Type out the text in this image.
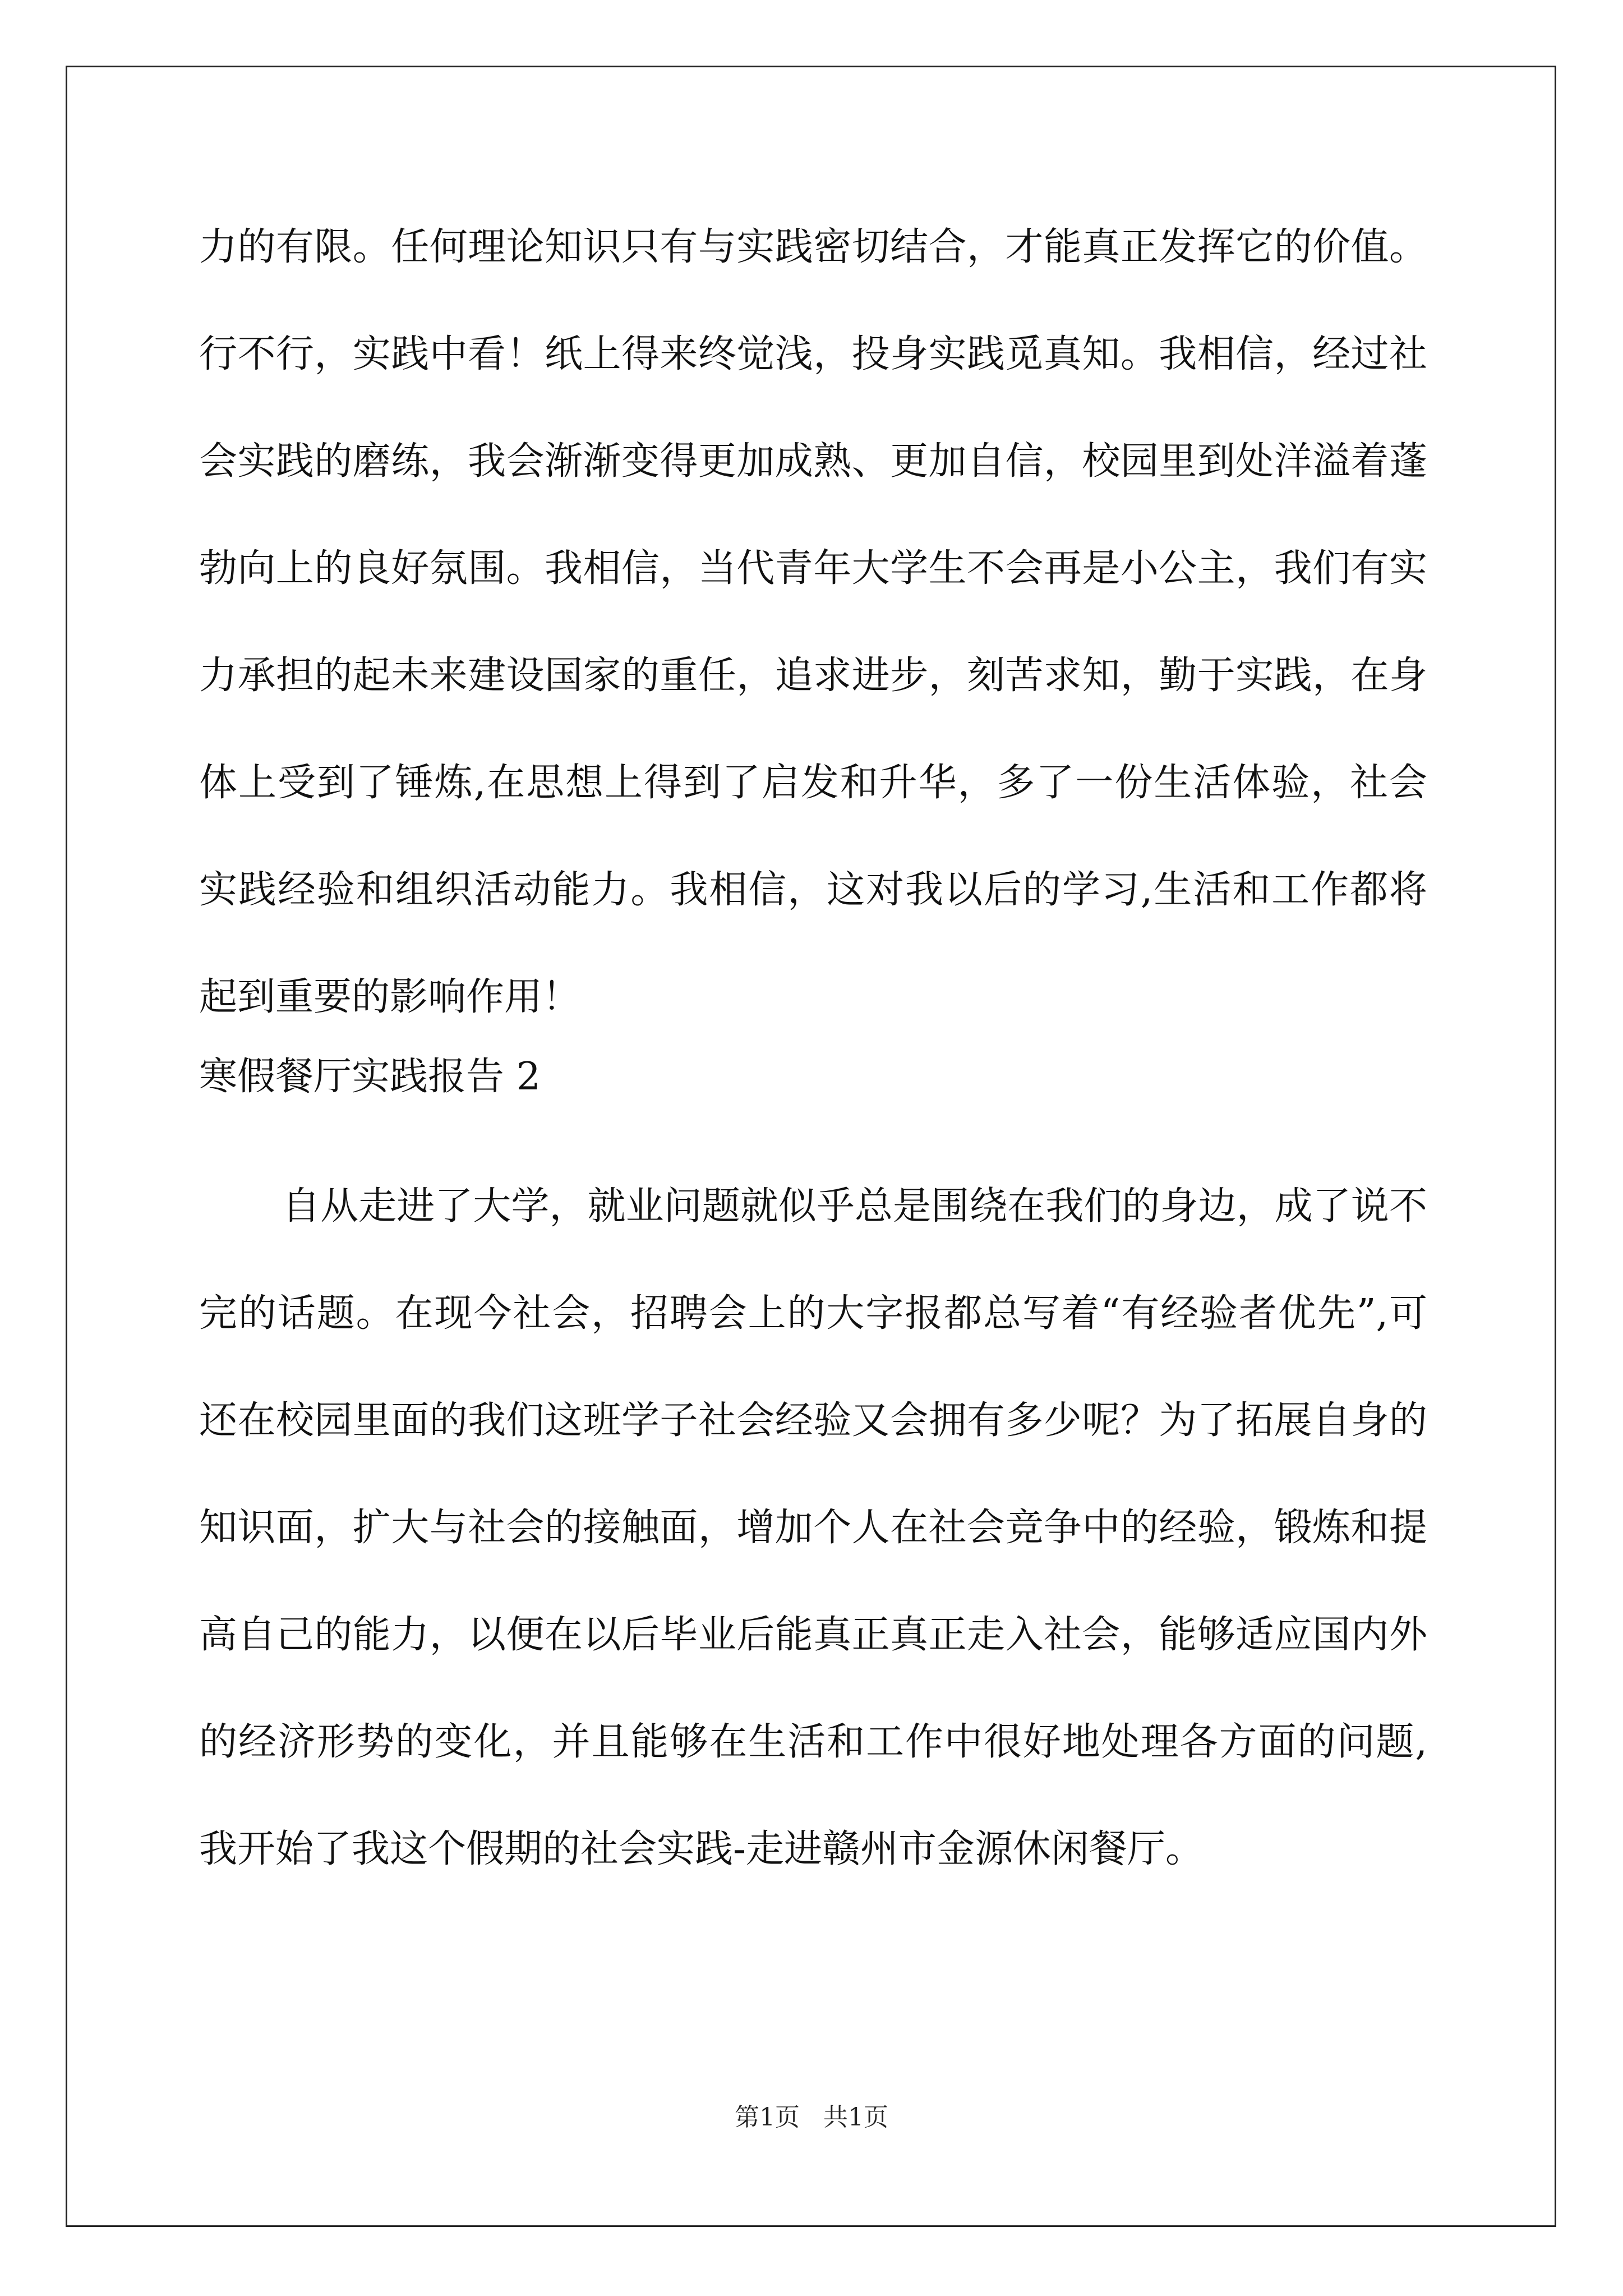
力的有限。任何理论知识只有与实践密切结合，才能真正发挥它的价值。行不行，实践中看！纸上得来终觉浅，投身实践觅真知。我相信，经过社会实践的磨练，我会渐渐变得更加成熟、更加自信，校园里到处洋溢着蓬勃向上的良好氛围。我相信，当代青年大学生不会再是小公主，我们有实力承担的起未来建设国家的重任，追求进步，刻苦求知，勤于实践，在身体上受到了锤炼,在思想上得到了启发和升华，多了一份生活体验，社会实践经验和组织活动能力。我相信，这对我以后的学习,生活和工作都将起到重要的影响作用！
寒假餐厅实践报告 2
自从走进了大学，就业问题就似乎总是围绕在我们的身边，成了说不完的话题。在现今社会，招聘会上的大字报都总写着“有经验者优先”,可还在校园里面的我们这班学子社会经验又会拥有多少呢？为了拓展自身的知识面，扩大与社会的接触面，增加个人在社会竞争中的经验，锻炼和提高自己的能力，以便在以后毕业后能真正真正走入社会，能够适应国内外的经济形势的变化，并且能够在生活和工作中很好地处理各方面的问题,我开始了我这个假期的社会实践-走进赣州市金源休闲餐厅。
第1页   共1页
